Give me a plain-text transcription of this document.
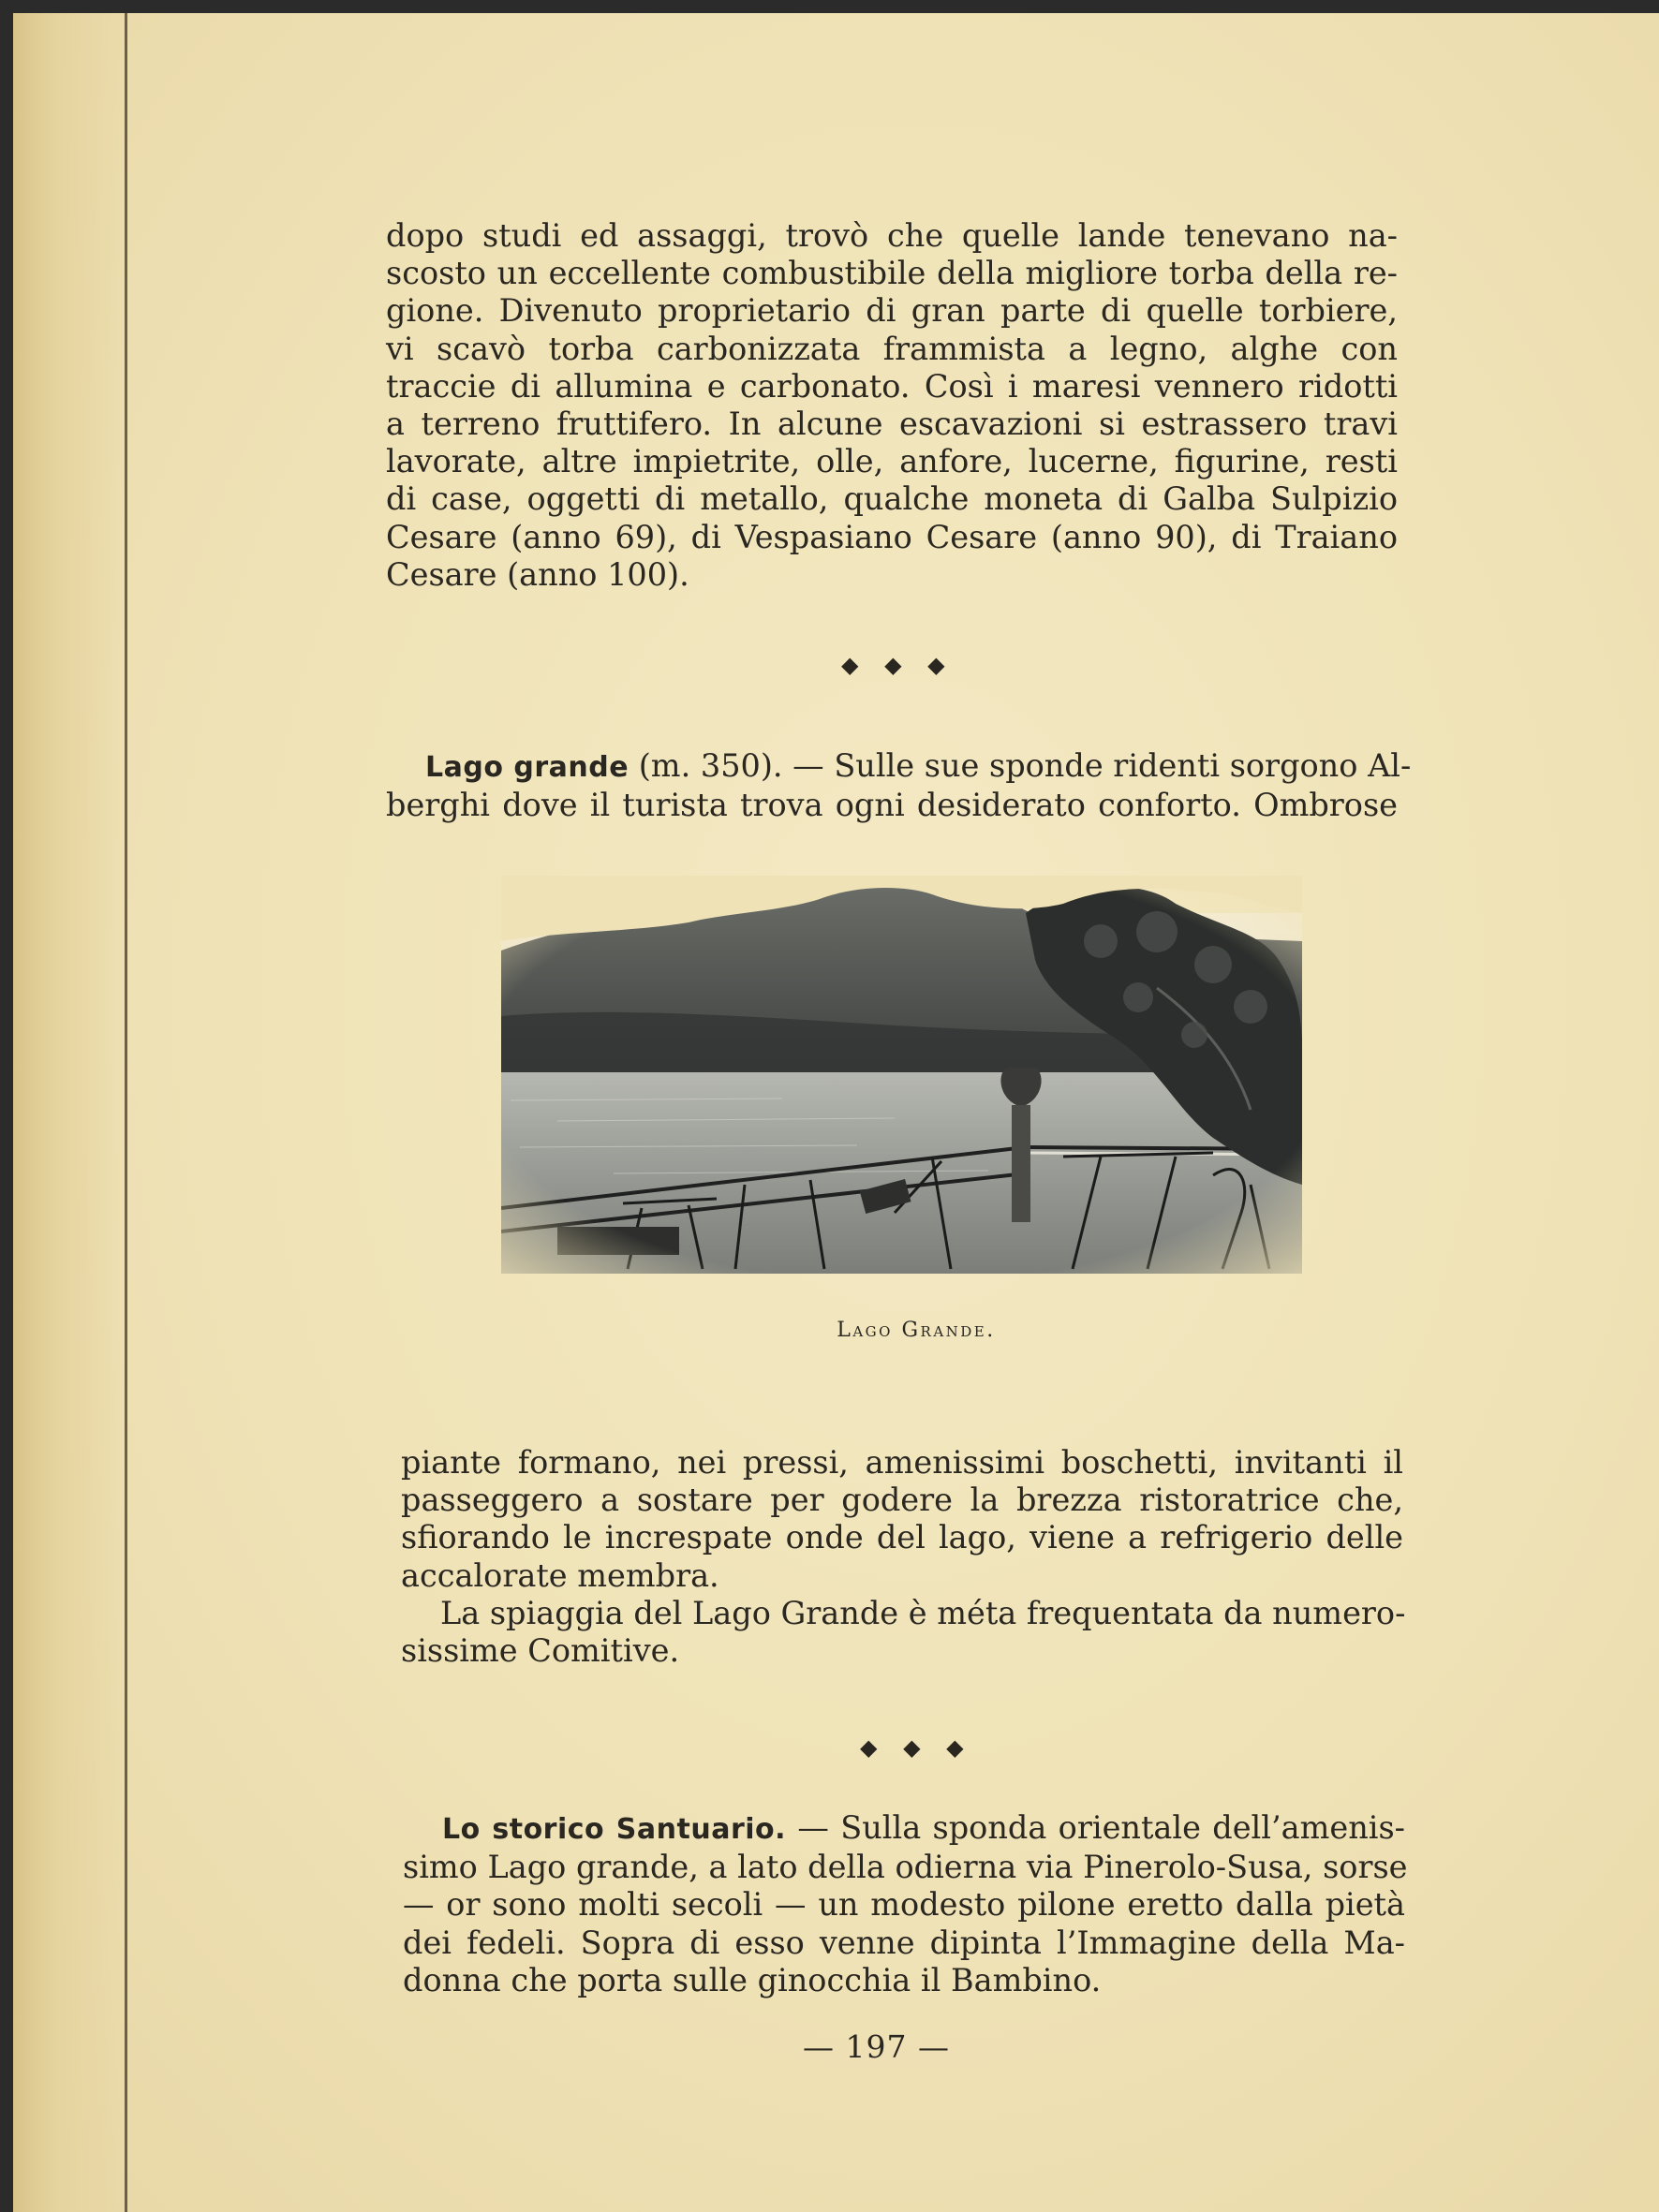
dopo studi ed assaggi, trovò che quelle lande tenevano na-
scosto un eccellente combustibile della migliore torba della re-
gione. Divenuto proprietario di gran parte di quelle torbiere,
vi scavò torba carbonizzata frammista a legno, alghe con
traccie di allumina e carbonato. Così i maresi vennero ridotti
a terreno fruttifero. In alcune escavazioni si estrassero travi
lavorate, altre impietrite, olle, anfore, lucerne, figurine, resti
di case, oggetti di metallo, qualche moneta di Galba Sulpizio
Cesare (anno 69), di Vespasiano Cesare (anno 90), di Traiano
Cesare (anno 100).
◆ ◆ ◆
Lago grande (m. 350). — Sulle sue sponde ridenti sorgono Al-
berghi dove il turista trova ogni desiderato conforto. Ombrose
Lago Grande.
piante formano, nei pressi, amenissimi boschetti, invitanti il
passeggero a sostare per godere la brezza ristoratrice che,
sfiorando le increspate onde del lago, viene a refrigerio delle
accalorate membra.
La spiaggia del Lago Grande è méta frequentata da numero-
sissime Comitive.
◆ ◆ ◆
Lo storico Santuario. — Sulla sponda orientale dell’amenis-
simo Lago grande, a lato della odierna via Pinerolo-Susa, sorse
— or sono molti secoli — un modesto pilone eretto dalla pietà
dei fedeli. Sopra di esso venne dipinta l’Immagine della Ma-
donna che porta sulle ginocchia il Bambino.
— 197 —
